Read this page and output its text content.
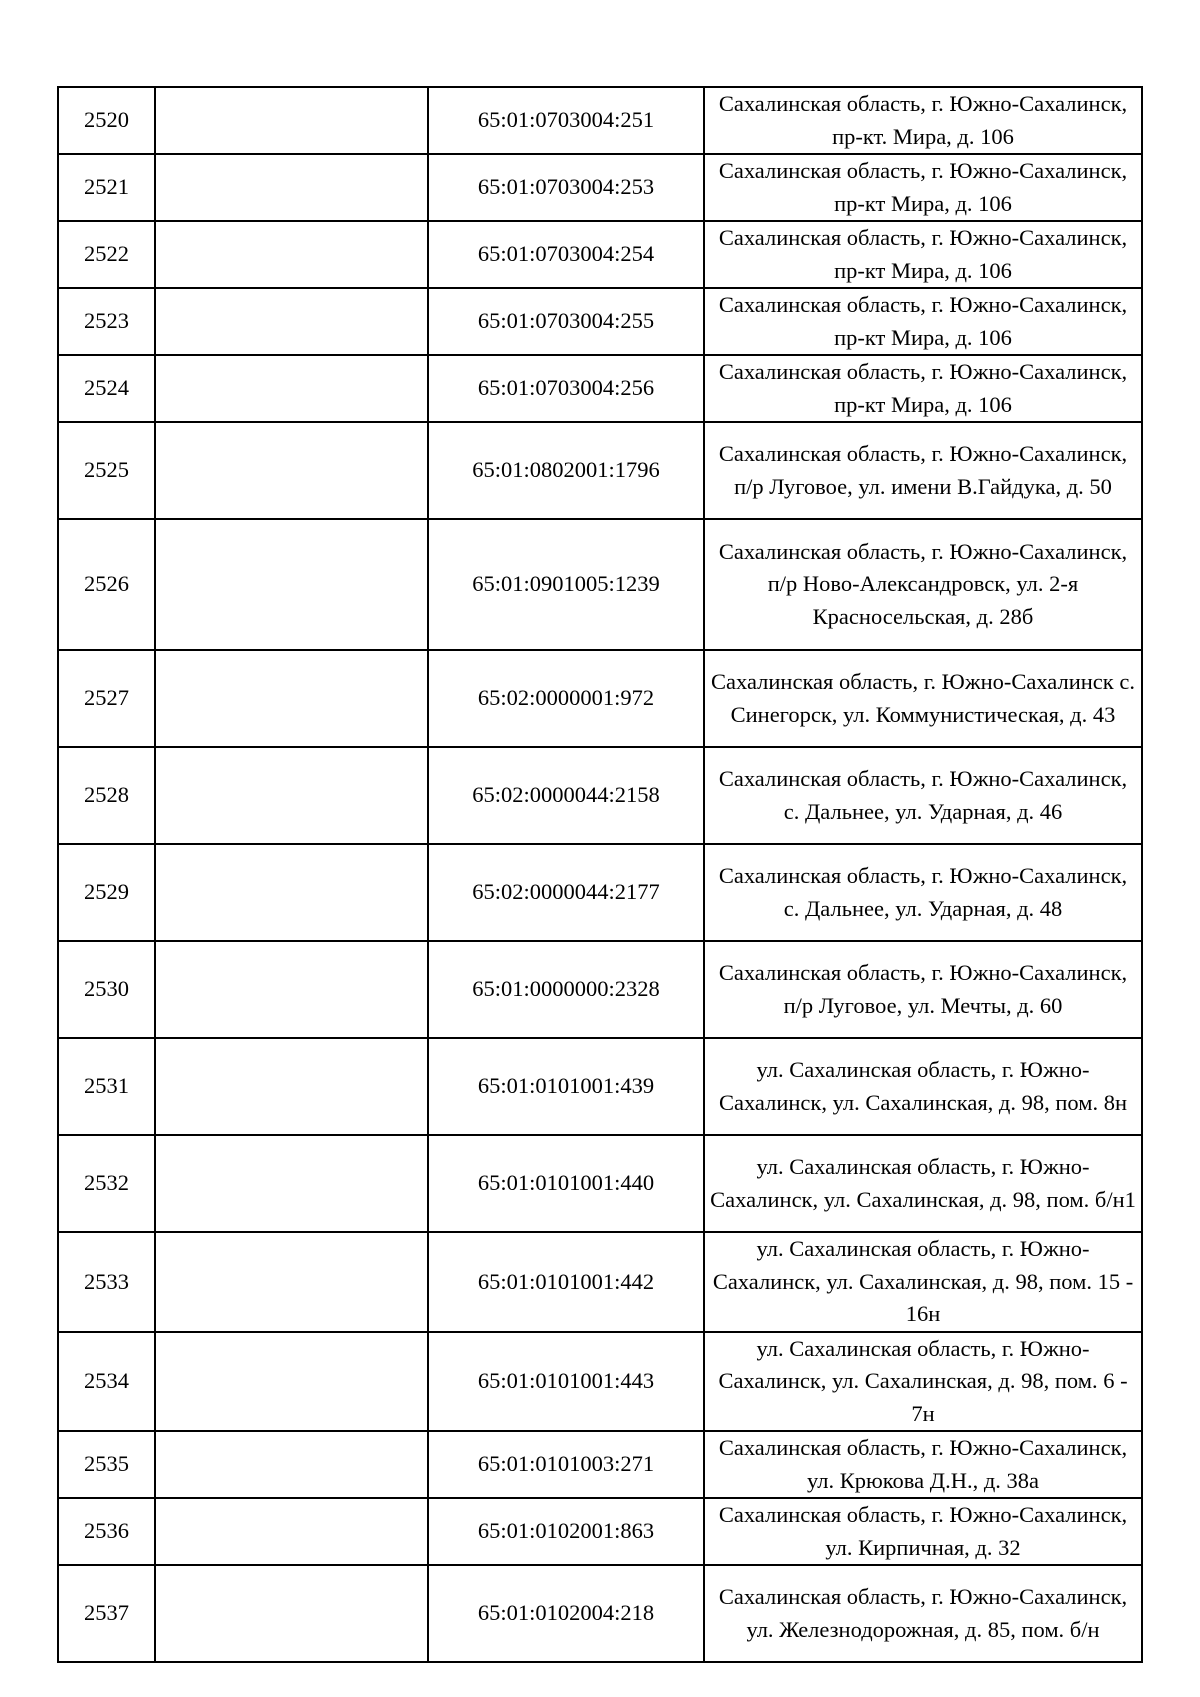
2520		65:01:0703004:251	Сахалинская область, г. Южно-Сахалинск, пр-кт. Мира, д. 106
2521		65:01:0703004:253	Сахалинская область, г. Южно-Сахалинск, пр-кт Мира, д. 106
2522		65:01:0703004:254	Сахалинская область, г. Южно-Сахалинск, пр-кт Мира, д. 106
2523		65:01:0703004:255	Сахалинская область, г. Южно-Сахалинск, пр-кт Мира, д. 106
2524		65:01:0703004:256	Сахалинская область, г. Южно-Сахалинск, пр-кт Мира, д. 106
2525		65:01:0802001:1796	Сахалинская область, г. Южно-Сахалинск, п/р Луговое, ул. имени В.Гайдука, д. 50
2526		65:01:0901005:1239	Сахалинская область, г. Южно-Сахалинск, п/р Ново-Александровск, ул. 2-я Красносельская, д. 28б
2527		65:02:0000001:972	Сахалинская область, г. Южно-Сахалинск с. Синегорск, ул. Коммунистическая, д. 43
2528		65:02:0000044:2158	Сахалинская область, г. Южно-Сахалинск, с. Дальнее, ул. Ударная, д. 46
2529		65:02:0000044:2177	Сахалинская область, г. Южно-Сахалинск, с. Дальнее, ул. Ударная, д. 48
2530		65:01:0000000:2328	Сахалинская область, г. Южно-Сахалинск, п/р Луговое, ул. Мечты, д. 60
2531		65:01:0101001:439	ул. Сахалинская область, г. Южно-Сахалинск, ул. Сахалинская, д. 98, пом. 8н
2532		65:01:0101001:440	ул. Сахалинская область, г. Южно-Сахалинск, ул. Сахалинская, д. 98, пом. б/н1
2533		65:01:0101001:442	ул. Сахалинская область, г. Южно-Сахалинск, ул. Сахалинская, д. 98, пом. 15 - 16н
2534		65:01:0101001:443	ул. Сахалинская область, г. Южно-Сахалинск, ул. Сахалинская, д. 98, пом. 6 - 7н
2535		65:01:0101003:271	Сахалинская область, г. Южно-Сахалинск, ул. Крюкова Д.Н., д. 38а
2536		65:01:0102001:863	Сахалинская область, г. Южно-Сахалинск, ул. Кирпичная, д. 32
2537		65:01:0102004:218	Сахалинская область, г. Южно-Сахалинск, ул. Железнодорожная, д. 85, пом. б/н
